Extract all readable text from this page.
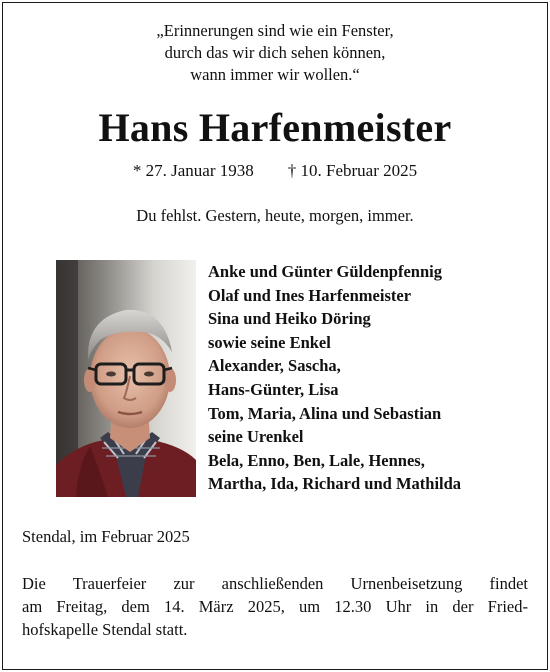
„Erinnerungen sind wie ein Fenster,
durch das wir dich sehen können,
wann immer wir wollen.“
Hans Harfenmeister
* 27. Januar 1938 † 10. Februar 2025
Du fehlst. Gestern, heute, morgen, immer.
Anke und Günter Güldenpfennig
Olaf und Ines Harfenmeister
Sina und Heiko Döring
sowie seine Enkel
Alexander, Sascha,
Hans-Günter, Lisa
Tom, Maria, Alina und Sebastian
seine Urenkel
Bela, Enno, Ben, Lale, Hennes,
Martha, Ida, Richard und Mathilda
Stendal, im Februar 2025
Die Trauerfeier zur anschließenden Urnenbeisetzung findet
am Freitag, dem 14. März 2025, um 12.30 Uhr in der Fried-
hofskapelle Stendal statt.
